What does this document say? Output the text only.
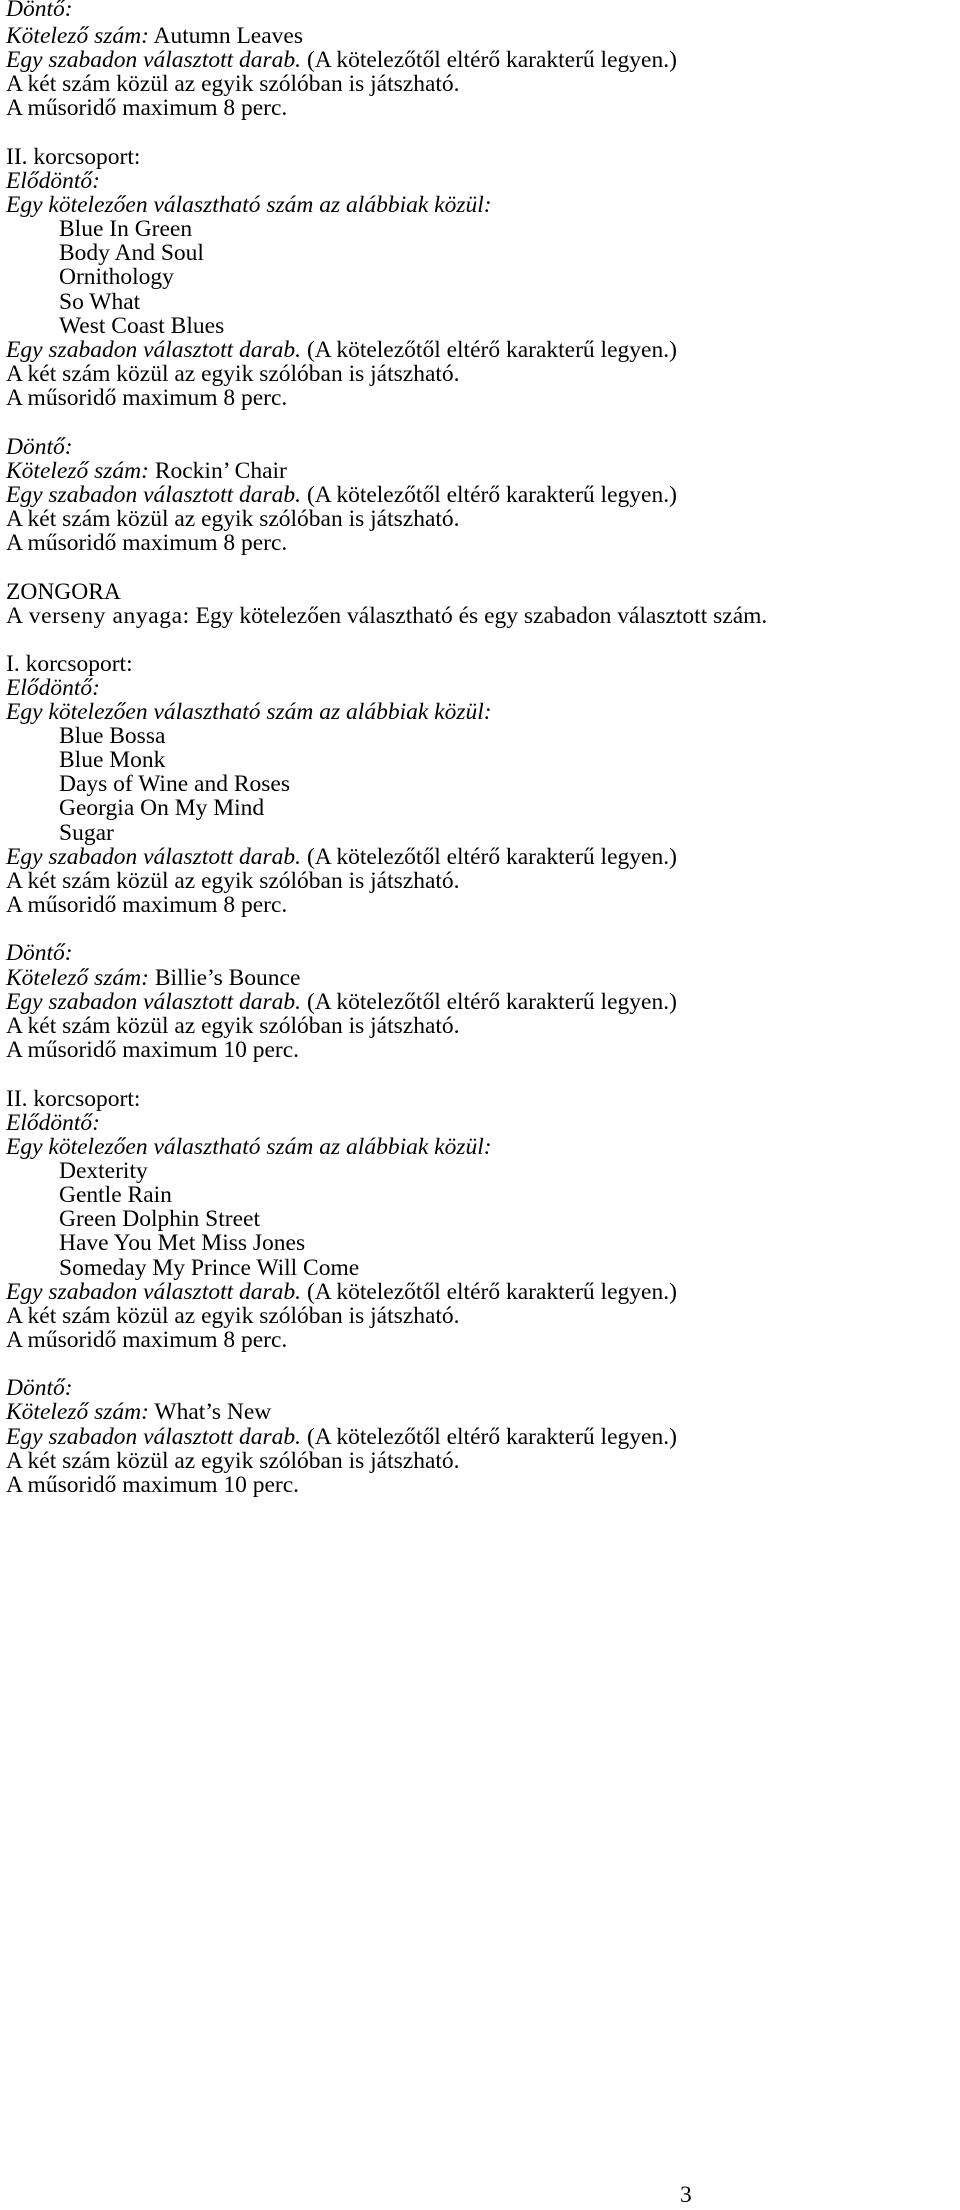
Döntő:
Kötelező szám: Autumn Leaves
Egy szabadon választott darab. (A kötelezőtől eltérő karakterű legyen.)
A két szám közül az egyik szólóban is játszható.
A műsoridő maximum 8 perc.
II. korcsoport:
Elődöntő:
Egy kötelezően választható szám az alábbiak közül:
Blue In Green
Body And Soul
Ornithology
So What
West Coast Blues
Egy szabadon választott darab. (A kötelezőtől eltérő karakterű legyen.)
A két szám közül az egyik szólóban is játszható.
A műsoridő maximum 8 perc.
Döntő:
Kötelező szám: Rockin’ Chair
Egy szabadon választott darab. (A kötelezőtől eltérő karakterű legyen.)
A két szám közül az egyik szólóban is játszható.
A műsoridő maximum 8 perc.
ZONGORA
A verseny anyaga: Egy kötelezően választható és egy szabadon választott szám.
I. korcsoport:
Elődöntő:
Egy kötelezően választható szám az alábbiak közül:
Blue Bossa
Blue Monk
Days of Wine and Roses
Georgia On My Mind
Sugar
Egy szabadon választott darab. (A kötelezőtől eltérő karakterű legyen.)
A két szám közül az egyik szólóban is játszható.
A műsoridő maximum 8 perc.
Döntő:
Kötelező szám: Billie’s Bounce
Egy szabadon választott darab. (A kötelezőtől eltérő karakterű legyen.)
A két szám közül az egyik szólóban is játszható.
A műsoridő maximum 10 perc.
II. korcsoport:
Elődöntő:
Egy kötelezően választható szám az alábbiak közül:
Dexterity
Gentle Rain
Green Dolphin Street
Have You Met Miss Jones
Someday My Prince Will Come
Egy szabadon választott darab. (A kötelezőtől eltérő karakterű legyen.)
A két szám közül az egyik szólóban is játszható.
A műsoridő maximum 8 perc.
Döntő:
Kötelező szám: What’s New
Egy szabadon választott darab. (A kötelezőtől eltérő karakterű legyen.)
A két szám közül az egyik szólóban is játszható.
A műsoridő maximum 10 perc.
3
